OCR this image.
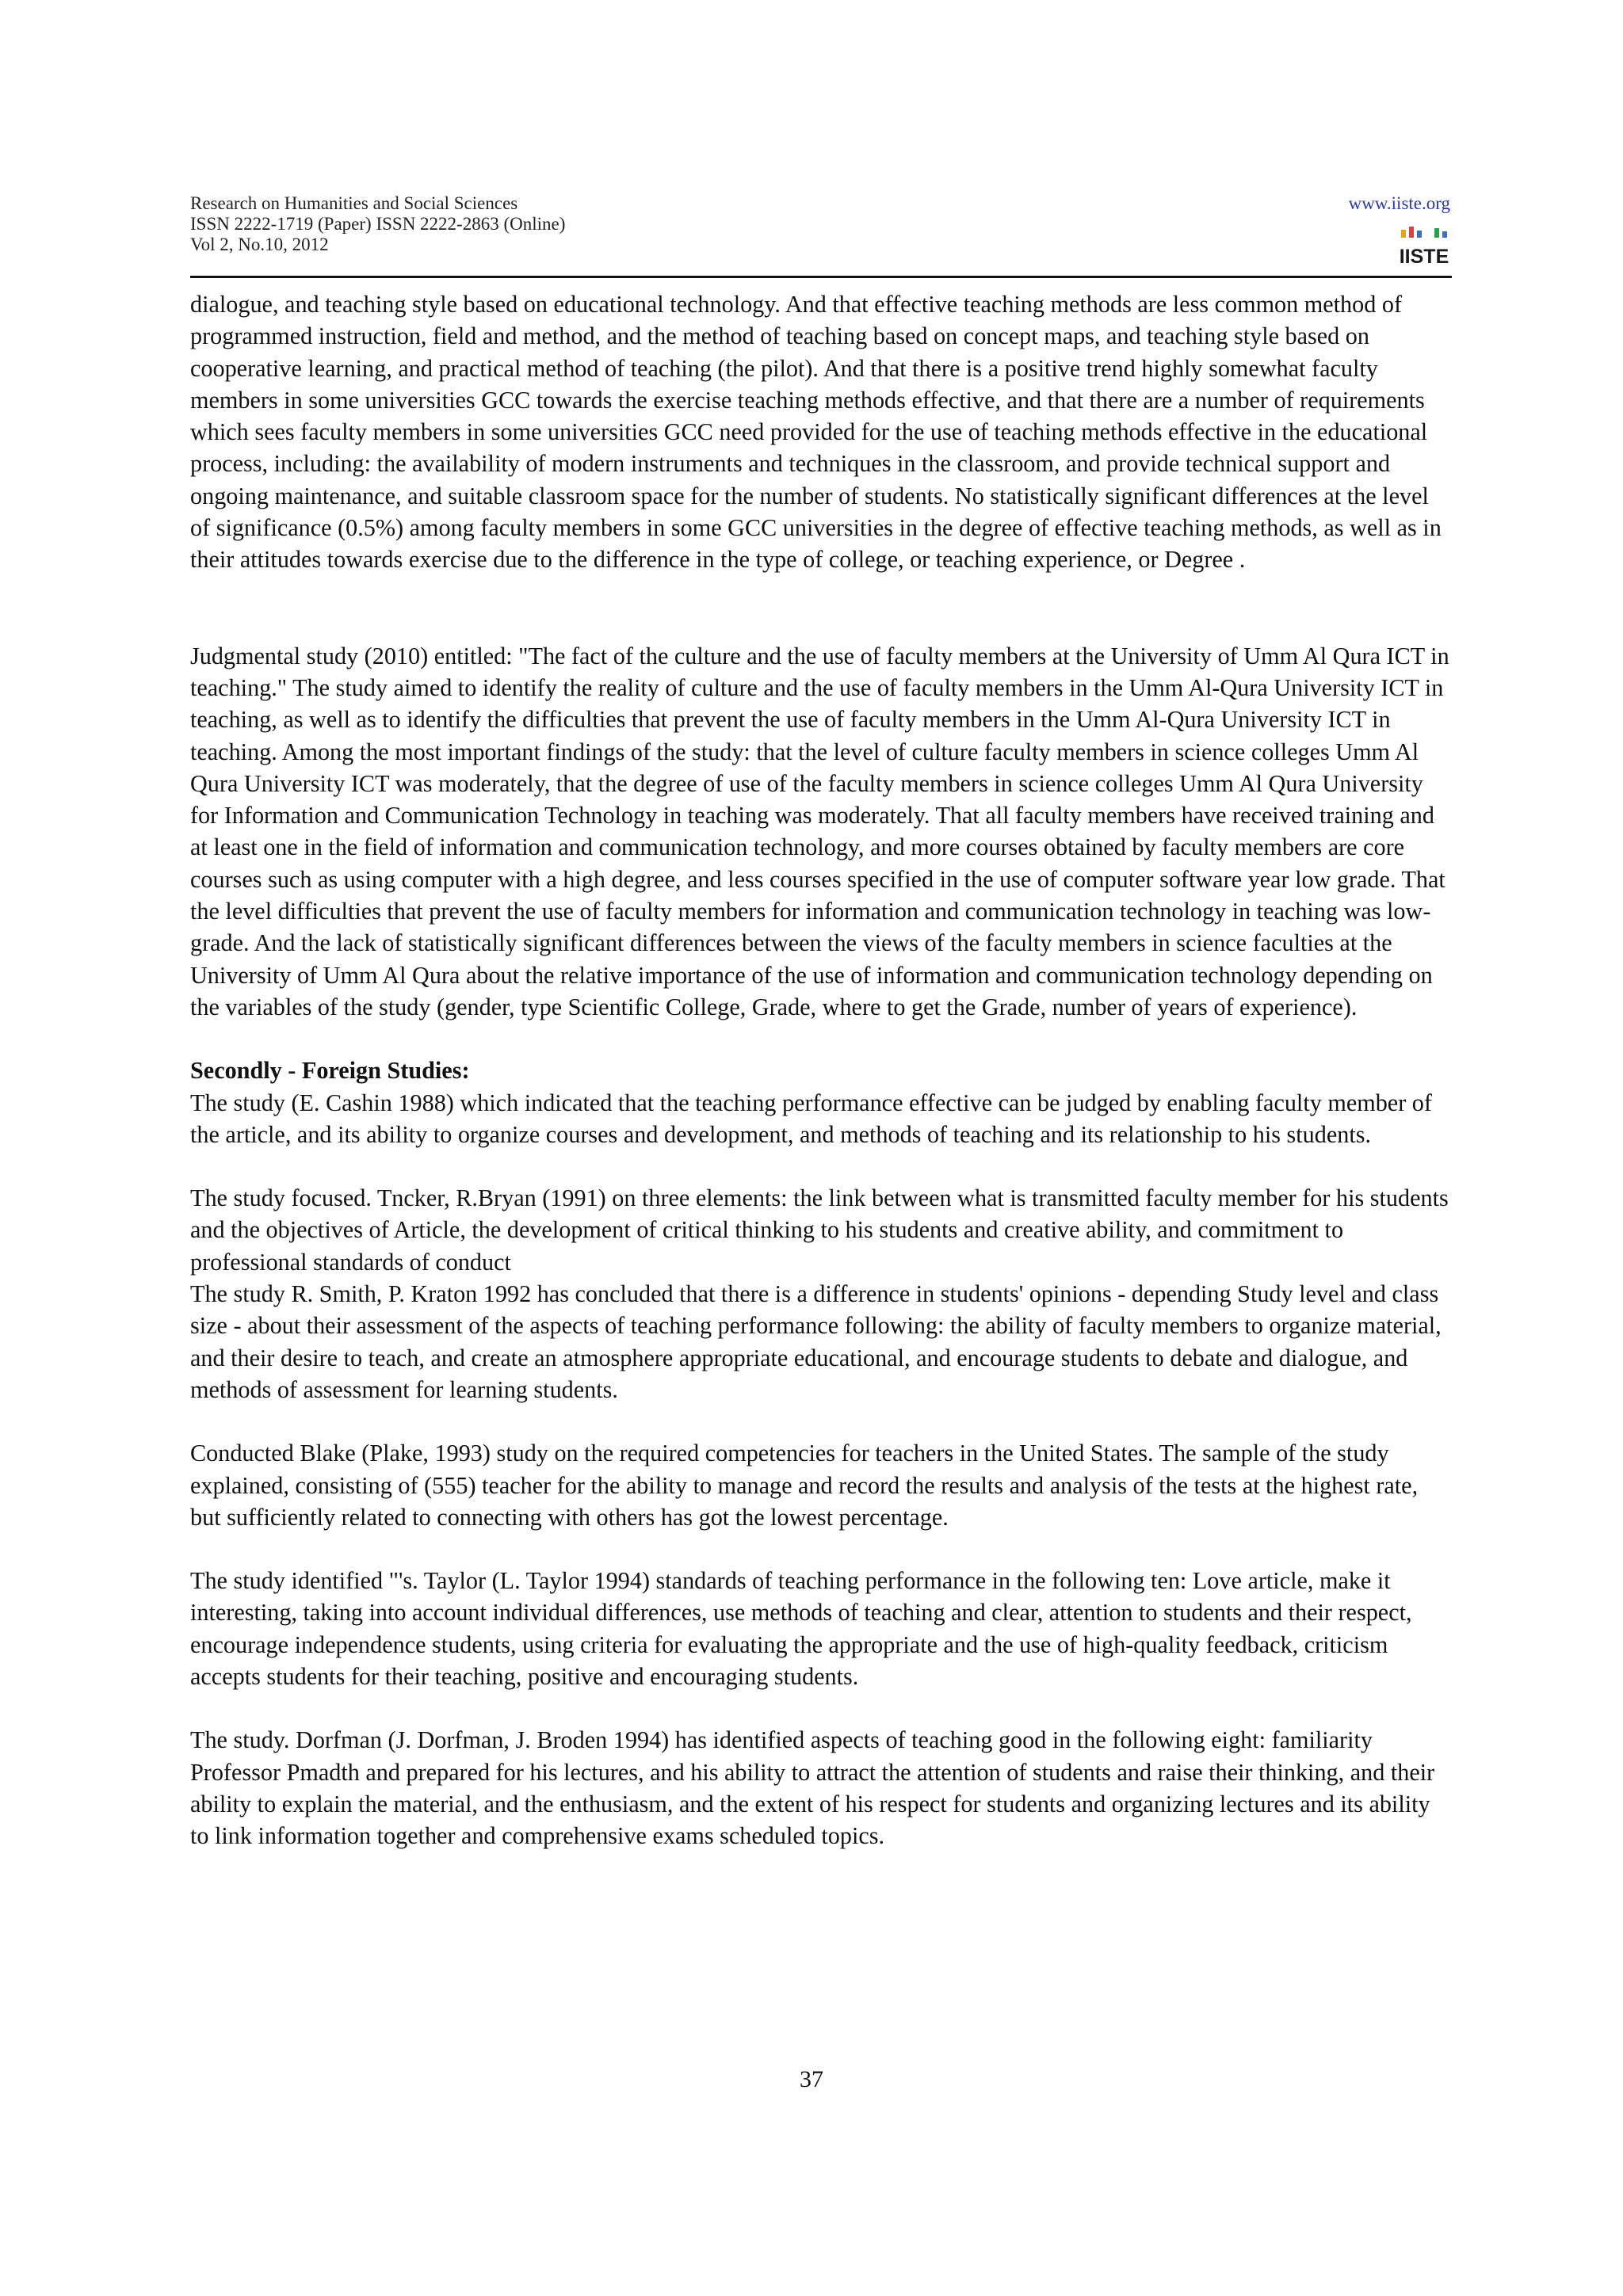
Research on Humanities and Social Sciences
ISSN 2222-1719 (Paper) ISSN 2222-2863 (Online)
Vol 2, No.10, 2012
www.iiste.org
IISTE

dialogue, and teaching style based on educational technology. And that effective teaching methods are less common method of programmed instruction, field and method, and the method of teaching based on concept maps, and teaching style based on cooperative learning, and practical method of teaching (the pilot). And that there is a positive trend highly somewhat faculty members in some universities GCC towards the exercise teaching methods effective, and that there are a number of requirements which sees faculty members in some universities GCC need provided for the use of teaching methods effective in the educational process, including: the availability of modern instruments and techniques in the classroom, and provide technical support and ongoing maintenance, and suitable classroom space for the number of students. No statistically significant differences at the level of significance (0.5%) among faculty members in some GCC universities in the degree of effective teaching methods, as well as in their attitudes towards exercise due to the difference in the type of college, or teaching experience, or Degree .

Judgmental study (2010) entitled: "The fact of the culture and the use of faculty members at the University of Umm Al Qura ICT in teaching." The study aimed to identify the reality of culture and the use of faculty members in the Umm Al-Qura University ICT in teaching, as well as to identify the difficulties that prevent the use of faculty members in the Umm Al-Qura University ICT in teaching. Among the most important findings of the study: that the level of culture faculty members in science colleges Umm Al Qura University ICT was moderately, that the degree of use of the faculty members in science colleges Umm Al Qura University for Information and Communication Technology in teaching was moderately. That all faculty members have received training and at least one in the field of information and communication technology, and more courses obtained by faculty members are core courses such as using computer with a high degree, and less courses specified in the use of computer software year low grade. That the level difficulties that prevent the use of faculty members for information and communication technology in teaching was low-grade. And the lack of statistically significant differences between the views of the faculty members in science faculties at the University of Umm Al Qura about the relative importance of the use of information and communication technology depending on the variables of the study (gender, type Scientific College, Grade, where to get the Grade, number of years of experience).

Secondly - Foreign Studies:

The study (E. Cashin 1988) which indicated that the teaching performance effective can be judged by enabling faculty member of the article, and its ability to organize courses and development, and methods of teaching and its relationship to his students.

The study focused. Tncker, R.Bryan (1991) on three elements: the link between what is transmitted faculty member for his students and the objectives of Article, the development of critical thinking to his students and creative ability, and commitment to professional standards of conduct

The study R. Smith, P. Kraton 1992 has concluded that there is a difference in students' opinions - depending Study level and class size - about their assessment of the aspects of teaching performance following: the ability of faculty members to organize material, and their desire to teach, and create an atmosphere appropriate educational, and encourage students to debate and dialogue, and methods of assessment for learning students.

Conducted Blake (Plake, 1993) study on the required competencies for teachers in the United States. The sample of the study explained, consisting of (555) teacher for the ability to manage and record the results and analysis of the tests at the highest rate, but sufficiently related to connecting with others has got the lowest percentage.

The study identified "'s. Taylor (L. Taylor 1994) standards of teaching performance in the following ten: Love article, make it interesting, taking into account individual differences, use methods of teaching and clear, attention to students and their respect, encourage independence students, using criteria for evaluating the appropriate and the use of high-quality feedback, criticism accepts students for their teaching, positive and encouraging students.

The study. Dorfman (J. Dorfman, J. Broden 1994) has identified aspects of teaching good in the following eight: familiarity Professor Pmadth and prepared for his lectures, and his ability to attract the attention of students and raise their thinking, and their ability to explain the material, and the enthusiasm, and the extent of his respect for students and organizing lectures and its ability to link information together and comprehensive exams scheduled topics.

37
